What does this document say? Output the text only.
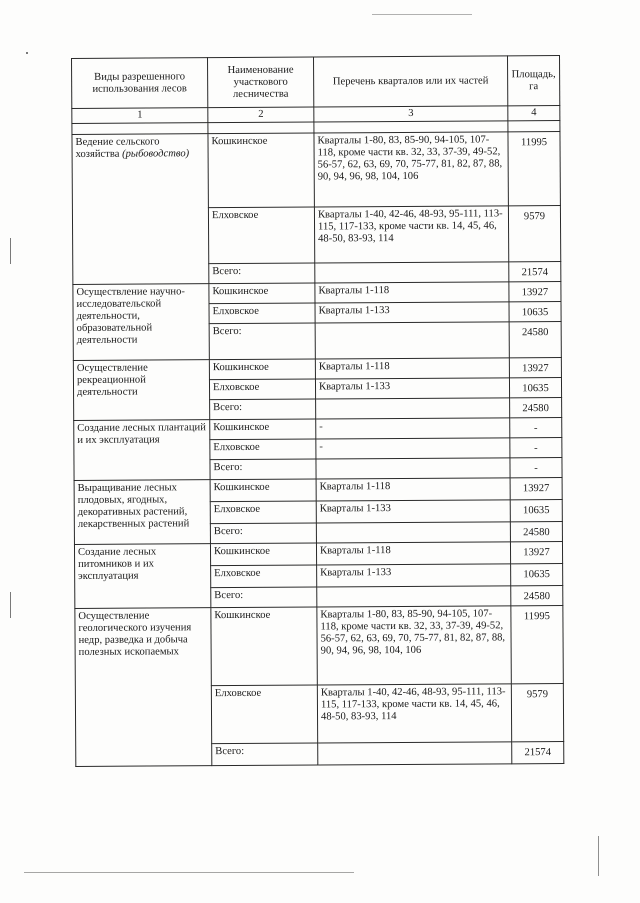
Виды разрешенного использования лесов	Наименование участкового лесничества	Перечень кварталов или их частей	Площадь, га
1	2	3	4

Ведение сельского хозяйства (рыбоводство)	Кошкинское	Кварталы 1-80, 83, 85-90, 94-105, 107-118, кроме части кв. 32, 33, 37-39, 49-52, 56-57, 62, 63, 69, 70, 75-77, 81, 82, 87, 88, 90, 94, 96, 98, 104, 106	11995
	Елховское	Кварталы 1-40, 42-46, 48-93, 95-111, 113-115, 117-133, кроме части кв. 14, 45, 46, 48-50, 83-93, 114	9579
	Всего:		21574
Осуществление научно-исследовательской деятельности, образовательной деятельности	Кошкинское	Кварталы 1-118	13927
	Елховское	Кварталы 1-133	10635
	Всего:		24580
Осуществление рекреационной деятельности	Кошкинское	Кварталы 1-118	13927
	Елховское	Кварталы 1-133	10635
	Всего:		24580
Создание лесных плантаций и их эксплуатация	Кошкинское	-	-
	Елховское	-	-
	Всего:		-
Выращивание лесных плодовых, ягодных, декоративных растений, лекарственных растений	Кошкинское	Кварталы 1-118	13927
	Елховское	Кварталы 1-133	10635
	Всего:		24580
Создание лесных питомников и их эксплуатация	Кошкинское	Кварталы 1-118	13927
	Елховское	Кварталы 1-133	10635
	Всего:		24580
Осуществление геологического изучения недр, разведка и добыча полезных ископаемых	Кошкинское	Кварталы 1-80, 83, 85-90, 94-105, 107-118, кроме части кв. 32, 33, 37-39, 49-52, 56-57, 62, 63, 69, 70, 75-77, 81, 82, 87, 88, 90, 94, 96, 98, 104, 106	11995
	Елховское	Кварталы 1-40, 42-46, 48-93, 95-111, 113-115, 117-133, кроме части кв. 14, 45, 46, 48-50, 83-93, 114	9579
	Всего:		21574
